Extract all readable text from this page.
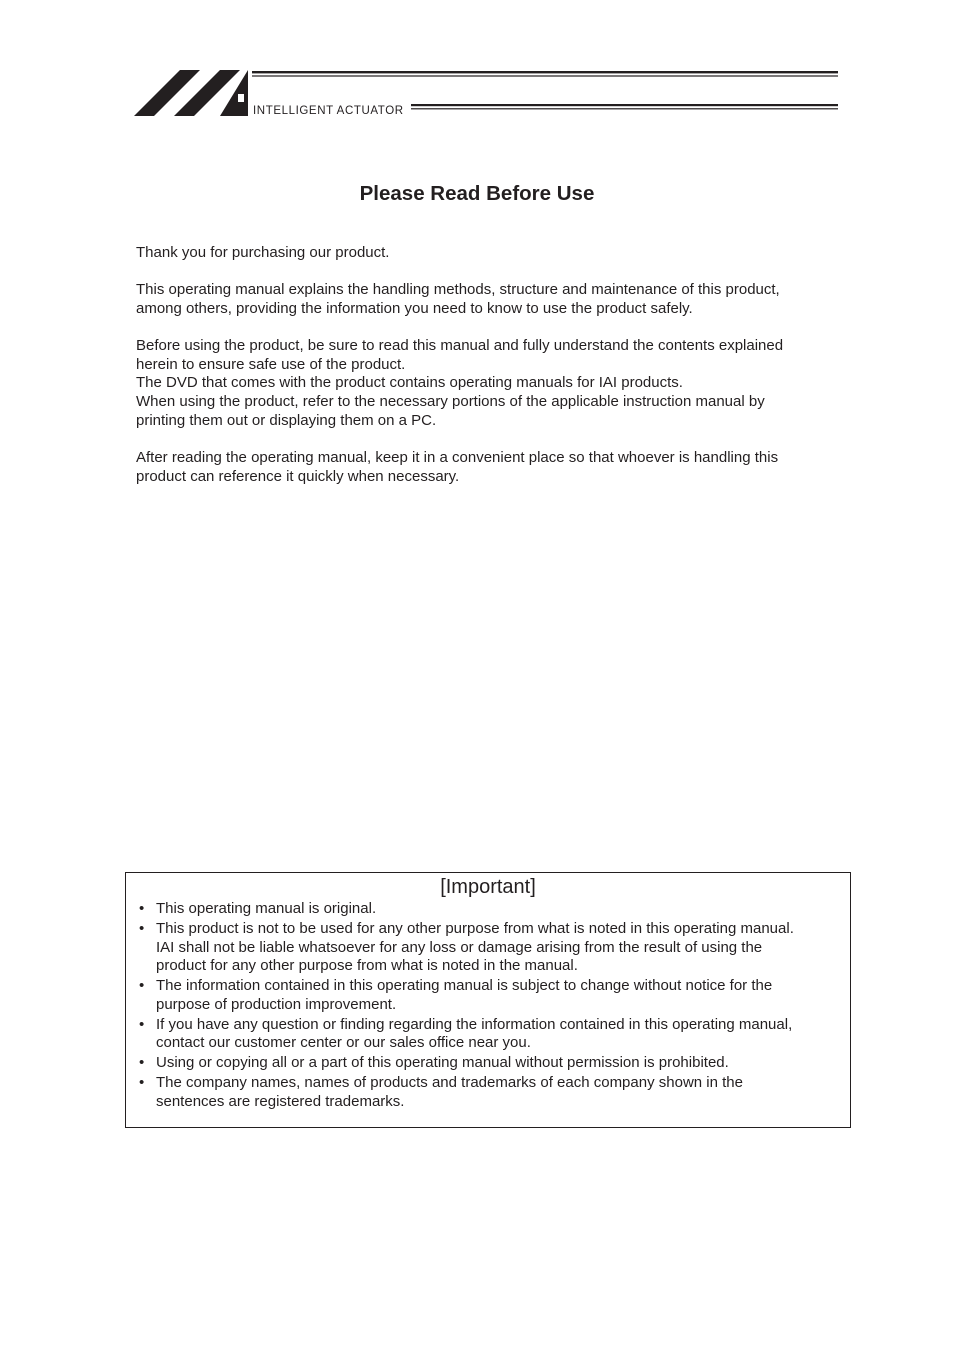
INTELLIGENT ACTUATOR
Please Read Before Use

Thank you for purchasing our product.

This operating manual explains the handling methods, structure and maintenance of this product,
among others, providing the information you need to know to use the product safely.

Before using the product, be sure to read this manual and fully understand the contents explained
herein to ensure safe use of the product.
The DVD that comes with the product contains operating manuals for IAI products.
When using the product, refer to the necessary portions of the applicable instruction manual by
printing them out or displaying them on a PC.

After reading the operating manual, keep it in a convenient place so that whoever is handling this
product can reference it quickly when necessary.

[Important]
• This operating manual is original.
• This product is not to be used for any other purpose from what is noted in this operating manual.
IAI shall not be liable whatsoever for any loss or damage arising from the result of using the
product for any other purpose from what is noted in the manual.
• The information contained in this operating manual is subject to change without notice for the
purpose of production improvement.
• If you have any question or finding regarding the information contained in this operating manual,
contact our customer center or our sales office near you.
• Using or copying all or a part of this operating manual without permission is prohibited.
• The company names, names of products and trademarks of each company shown in the
sentences are registered trademarks.
